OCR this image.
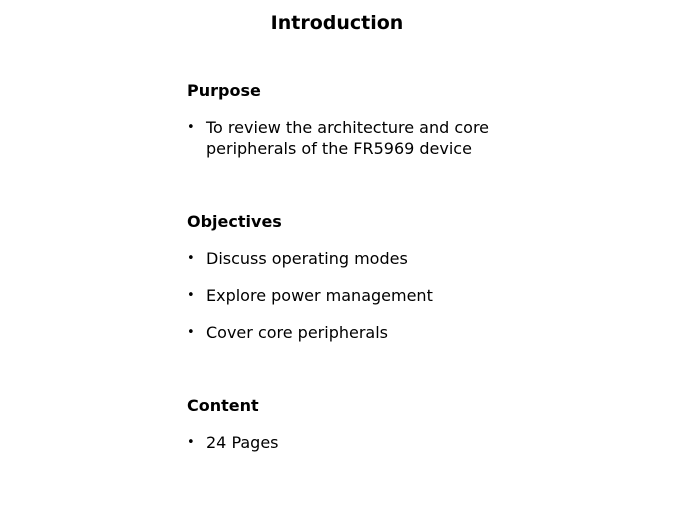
Introduction
Purpose
• To review the architecture and core peripherals of the FR5969 device
Objectives
• Discuss operating modes
• Explore power management
• Cover core peripherals
Content
• 24 Pages
